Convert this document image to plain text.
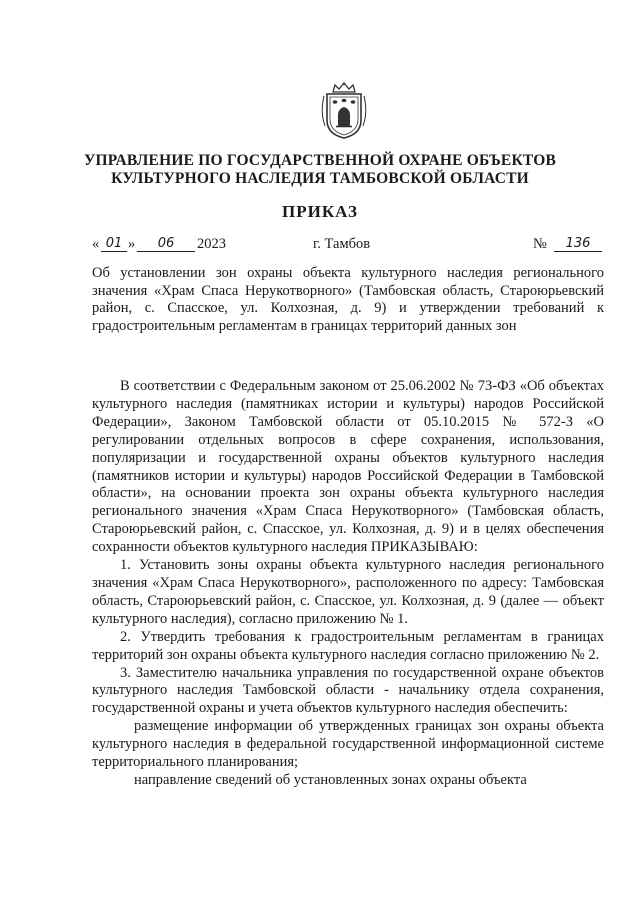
УПРАВЛЕНИЕ ПО ГОСУДАРСТВЕННОЙ ОХРАНЕ ОБЪЕКТОВ
КУЛЬТУРНОГО НАСЛЕДИЯ ТАМБОВСКОЙ ОБЛАСТИ
ПРИКАЗ
« 01 »	06	2023	г. Тамбов	№	136
Об установлении зон охраны объекта культурного наследия регионального значения «Храм Спаса Нерукотворного» (Тамбовская область, Староюрьевский район, с. Спасское, ул. Колхозная, д. 9) и утверждении требований к градостроительным регламентам в границах территорий данных зон

В соответствии с Федеральным законом от 25.06.2002 № 73-ФЗ «Об объектах культурного наследия (памятниках истории и культуры) народов Российской Федерации», Законом Тамбовской области от 05.10.2015 № 572-З «О регулировании отдельных вопросов в сфере сохранения, использования, популяризации и государственной охраны объектов культурного наследия (памятников истории и культуры) народов Российской Федерации в Тамбовской области», на основании проекта зон охраны объекта культурного наследия регионального значения «Храм Спаса Нерукотворного» (Тамбовская область, Староюрьевский район, с. Спасское, ул. Колхозная, д. 9) и в целях обеспечения сохранности объектов культурного наследия ПРИКАЗЫВАЮ:

1. Установить зоны охраны объекта культурного наследия регионального значения «Храм Спаса Нерукотворного», расположенного по адресу: Тамбовская область, Староюрьевский район, с. Спасское, ул. Колхозная, д. 9 (далее — объект культурного наследия), согласно приложению № 1.

2. Утвердить требования к градостроительным регламентам в границах территорий зон охраны объекта культурного наследия согласно приложению № 2.

3. Заместителю начальника управления по государственной охране объектов культурного наследия Тамбовской области - начальнику отдела сохранения, государственной охраны и учета объектов культурного наследия обеспечить:

размещение информации об утвержденных границах зон охраны объекта культурного наследия в федеральной государственной информационной системе территориального планирования;

направление сведений об установленных зонах охраны объекта
